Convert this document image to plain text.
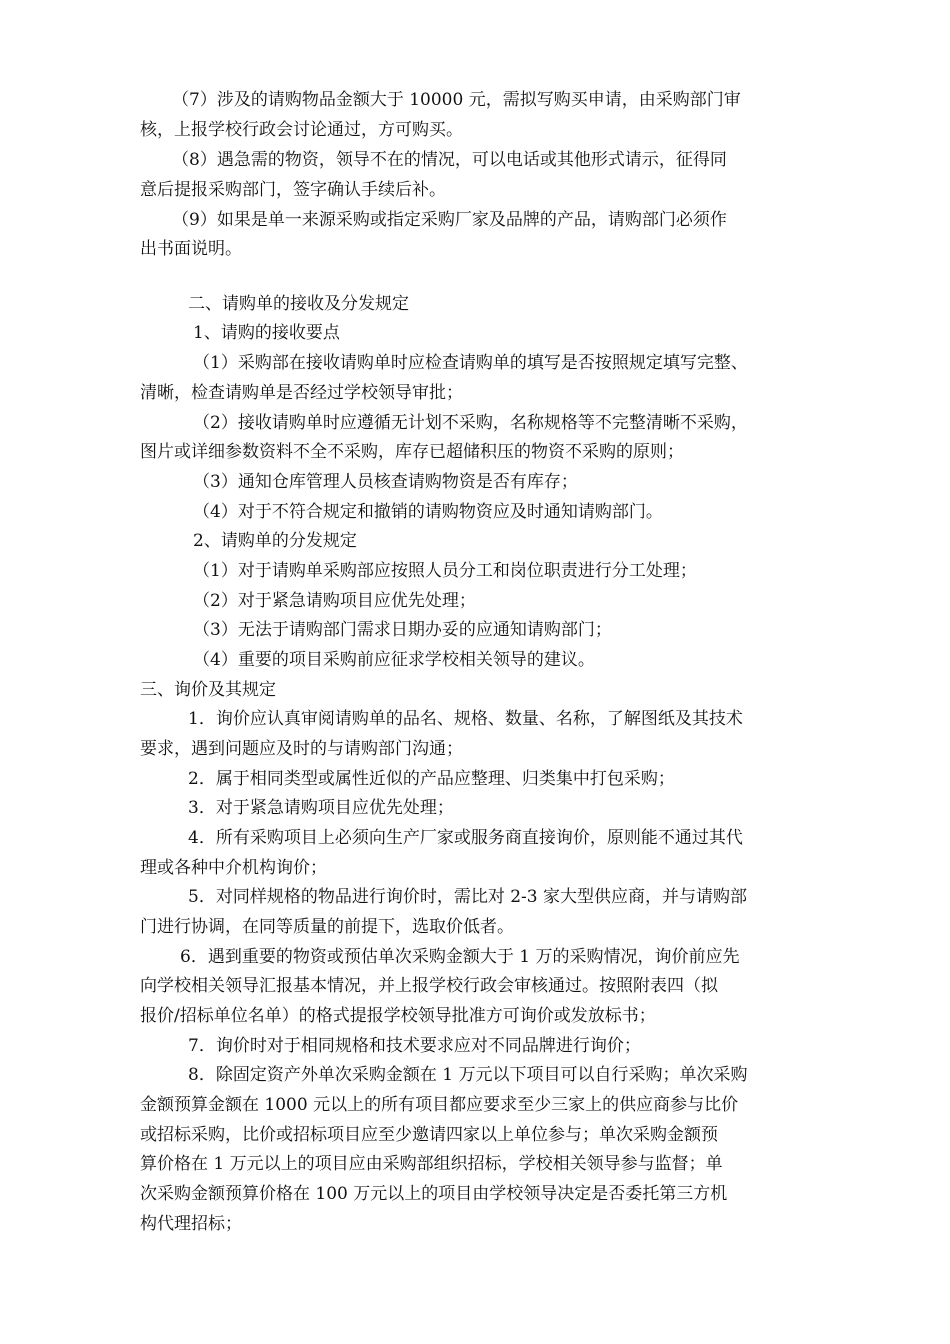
（7）涉及的请购物品金额大于 10000 元，需拟写购买申请，由采购部门审
核，上报学校行政会讨论通过，方可购买。
（8）遇急需的物资，领导不在的情况，可以电话或其他形式请示，征得同
意后提报采购部门，签字确认手续后补。
（9）如果是单一来源采购或指定采购厂家及品牌的产品，请购部门必须作
出书面说明。
二、请购单的接收及分发规定
1、请购的接收要点
（1）采购部在接收请购单时应检查请购单的填写是否按照规定填写完整、
清晰，检查请购单是否经过学校领导审批；
（2）接收请购单时应遵循无计划不采购，名称规格等不完整清晰不采购，
图片或详细参数资料不全不采购，库存已超储积压的物资不采购的原则；
（3）通知仓库管理人员核查请购物资是否有库存；
（4）对于不符合规定和撤销的请购物资应及时通知请购部门。
2、请购单的分发规定
（1）对于请购单采购部应按照人员分工和岗位职责进行分工处理；
（2）对于紧急请购项目应优先处理；
（3）无法于请购部门需求日期办妥的应通知请购部门；
（4）重要的项目采购前应征求学校相关领导的建议。
三、询价及其规定
1．询价应认真审阅请购单的品名、规格、数量、名称，了解图纸及其技术
要求，遇到问题应及时的与请购部门沟通；
2．属于相同类型或属性近似的产品应整理、归类集中打包采购；
3．对于紧急请购项目应优先处理；
4．所有采购项目上必须向生产厂家或服务商直接询价，原则能不通过其代
理或各种中介机构询价；
5．对同样规格的物品进行询价时，需比对 2-3 家大型供应商，并与请购部
门进行协调，在同等质量的前提下，选取价低者。
6．遇到重要的物资或预估单次采购金额大于 1 万的采购情况，询价前应先
向学校相关领导汇报基本情况，并上报学校行政会审核通过。按照附表四（拟
报价/招标单位名单）的格式提报学校领导批准方可询价或发放标书；
7．询价时对于相同规格和技术要求应对不同品牌进行询价；
8．除固定资产外单次采购金额在 1 万元以下项目可以自行采购；单次采购
金额预算金额在 1000 元以上的所有项目都应要求至少三家上的供应商参与比价
或招标采购，比价或招标项目应至少邀请四家以上单位参与；单次采购金额预
算价格在 1 万元以上的项目应由采购部组织招标，学校相关领导参与监督；单
次采购金额预算价格在 100 万元以上的项目由学校领导决定是否委托第三方机
构代理招标；
